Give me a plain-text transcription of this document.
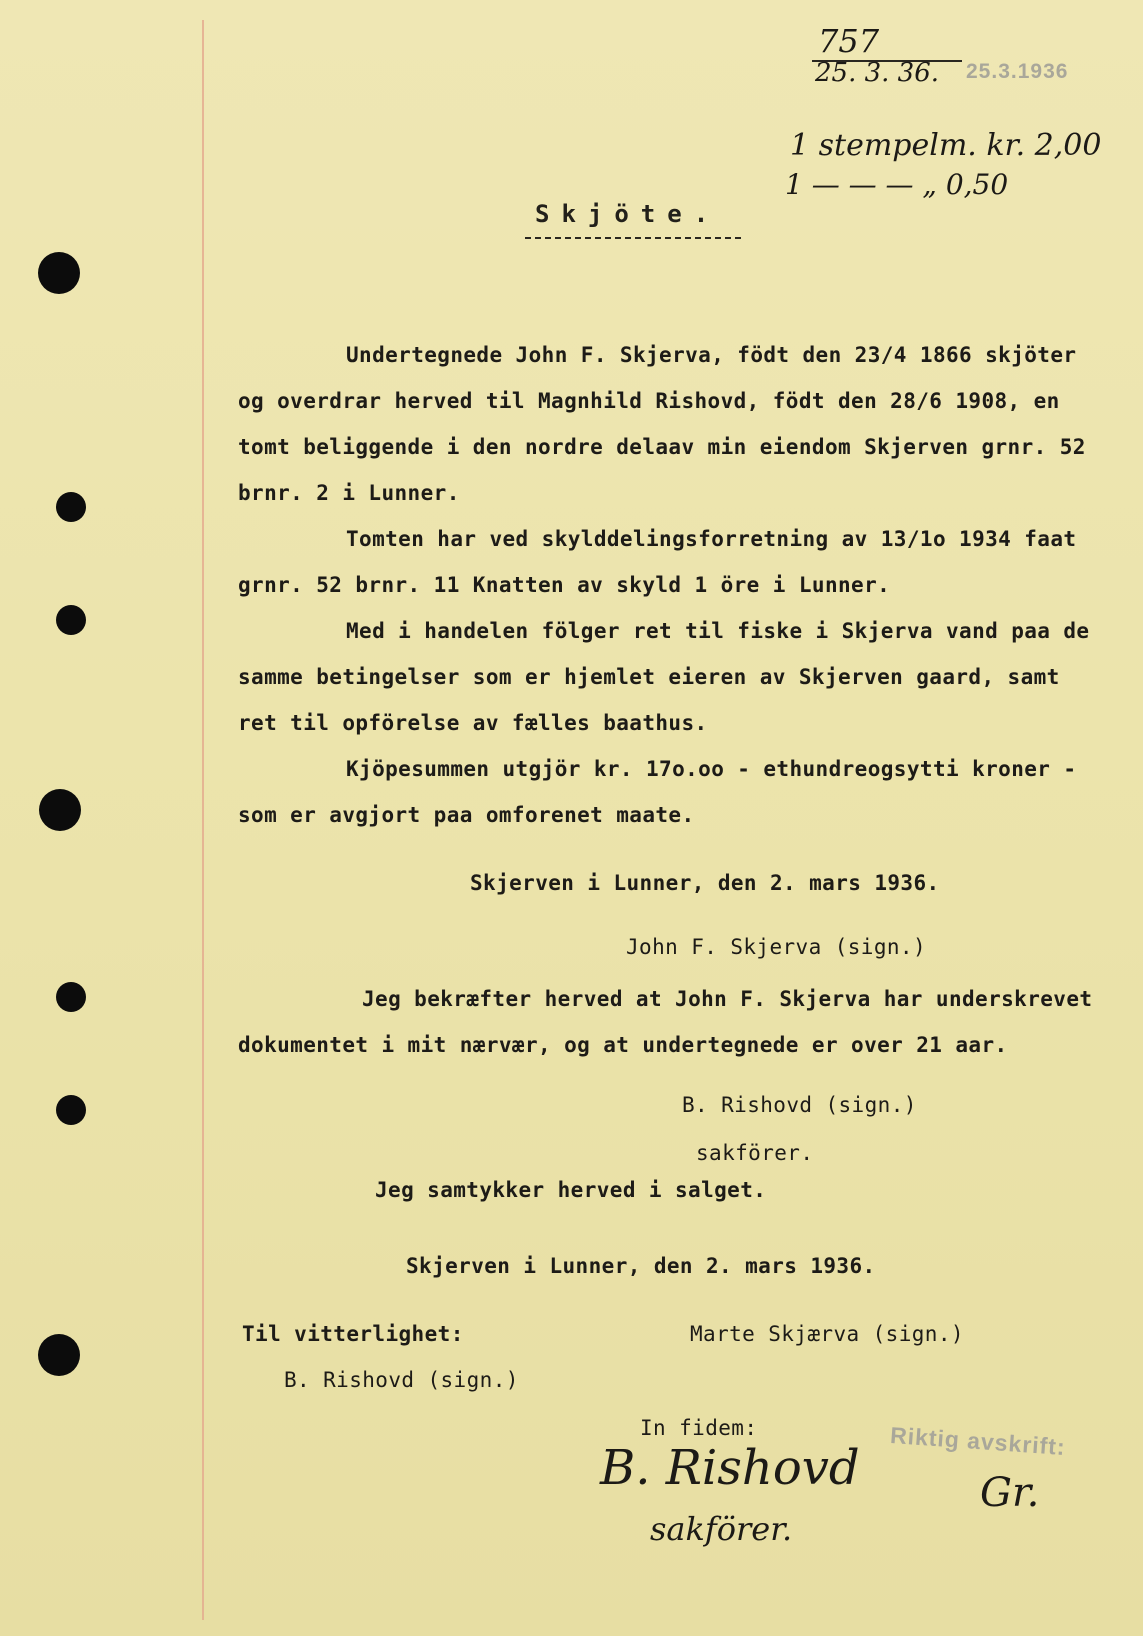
757
25. 3. 36. 25.3.1936
1 stempelm. kr. 2,00
1 — — — „ 0,50
Skjöte.
Undertegnede John F. Skjerva, födt den 23/4 1866 skjöter
og overdrar herved til Magnhild Rishovd, födt den 28/6 1908, en
tomt beliggende i den nordre delaav min eiendom Skjerven grnr. 52
brnr. 2 i Lunner.
Tomten har ved skylddelingsforretning av 13/1o 1934 faat
grnr. 52 brnr. 11 Knatten av skyld 1 öre i Lunner.
Med i handelen fölger ret til fiske i Skjerva vand paa de
samme betingelser som er hjemlet eieren av Skjerven gaard, samt
ret til opförelse av fælles baathus.
Kjöpesummen utgjör kr. 17o.oo - ethundreogsytti kroner -
som er avgjort paa omforenet maate.
Skjerven i Lunner, den 2. mars 1936.
John F. Skjerva (sign.)
Jeg bekræfter herved at John F. Skjerva har underskrevet
dokumentet i mit nærvær, og at undertegnede er over 21 aar.
B. Rishovd (sign.)
sakförer.
Jeg samtykker herved i salget.
Skjerven i Lunner, den 2. mars 1936.
Til vitterlighet:	Marte Skjærva (sign.)
B. Rishovd (sign.)
In fidem:	Riktig avskrift:
Gr.
B. Rishovd
sakförer.
